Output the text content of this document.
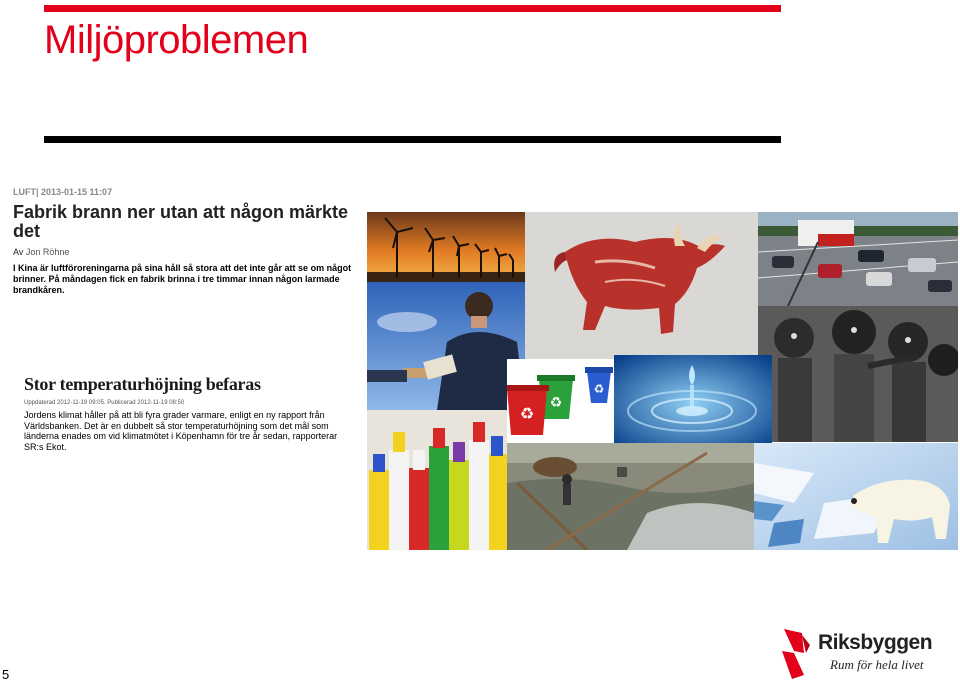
Miljöproblemen
LUFT| 2013-01-15 11:07
Fabrik brann ner utan att någon märkte det
Av Jon Röhne
I Kina är luftföroreningarna på sina håll så stora att det inte går att se om något brinner. På måndagen fick en fabrik brinna i tre timmar innan någon larmade brandkåren.
Stor temperaturhöjning befaras
Uppdaterad 2012-11-19 09:05. Publicerad 2012-11-19 08:50
Jordens klimat håller på att bli fyra grader varmare, enligt en ny rapport från Världsbanken. Det är en dubbelt så stor temperaturhöjning som det mål som länderna enades om vid klimatmötet i Köpenhamn för tre år sedan, rapporterar SR:s Ekot.
♻
♻
♻
5
Riksbyggen
Rum för hela livet
